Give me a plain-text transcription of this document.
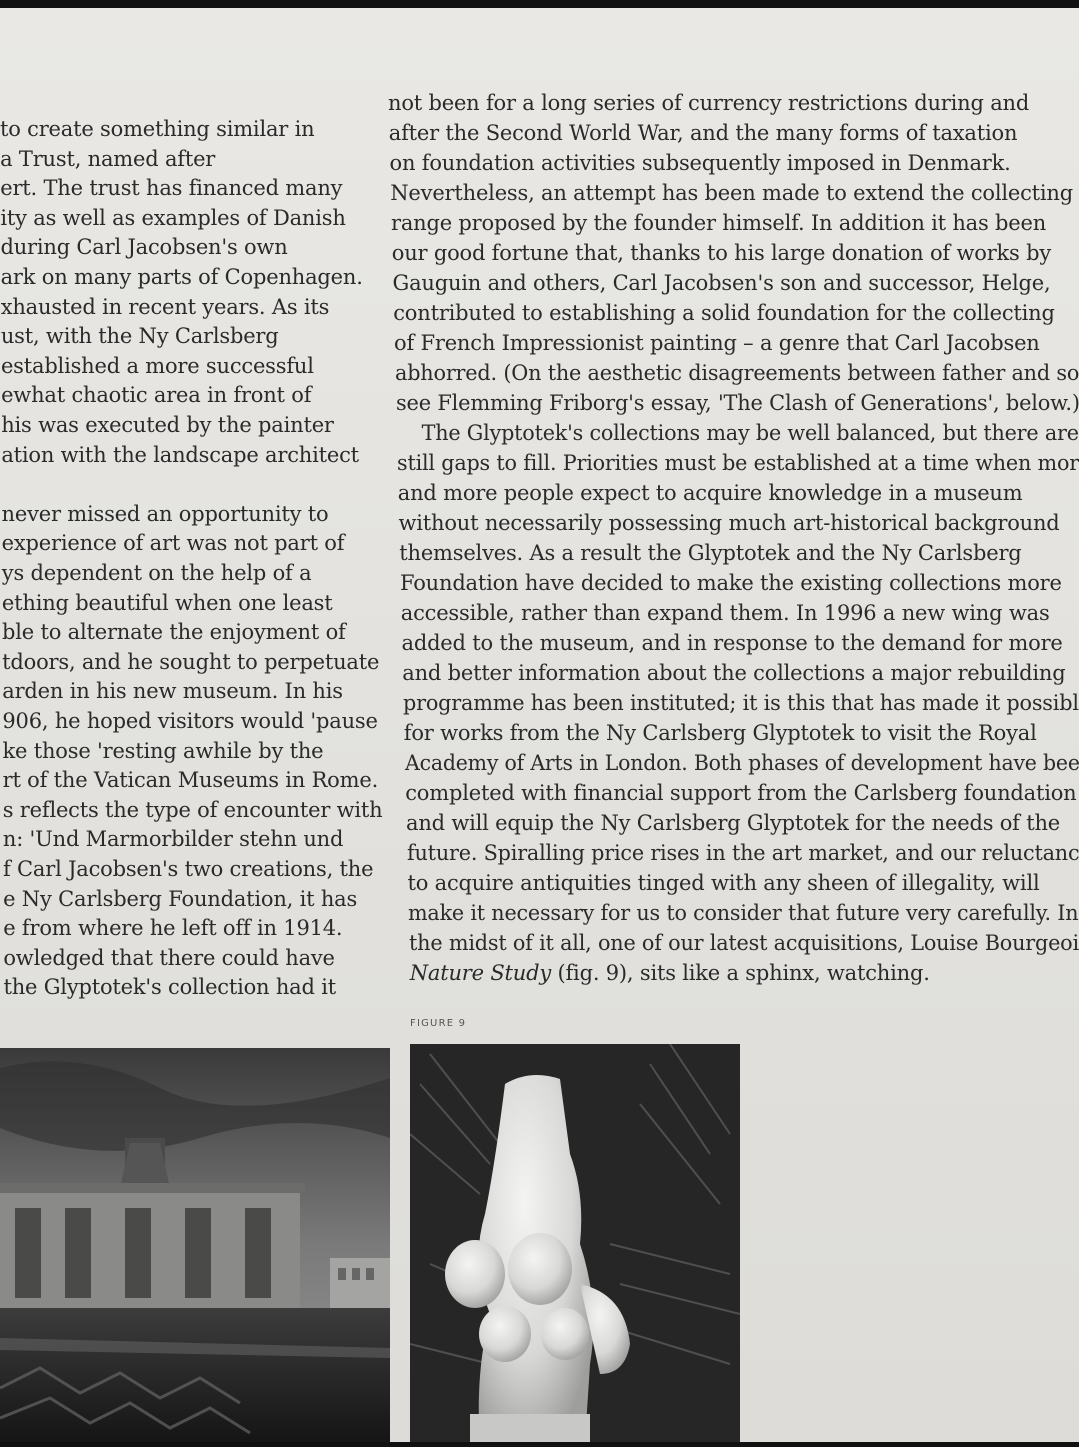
to create something similar in
a Trust, named after
ert. The trust has financed many
ity as well as examples of Danish
during Carl Jacobsen's own
ark on many parts of Copenhagen.
xhausted in recent years. As its
ust, with the Ny Carlsberg
established a more successful
ewhat chaotic area in front of
his was executed by the painter
ation with the landscape architect
never missed an opportunity to
experience of art was not part of
ys dependent on the help of a
ething beautiful when one least
ble to alternate the enjoyment of
tdoors, and he sought to perpetuate
arden in his new museum. In his
906, he hoped visitors would 'pause
ke those 'resting awhile by the
rt of the Vatican Museums in Rome.
s reflects the type of encounter with
n: 'Und Marmorbilder stehn und
f Carl Jacobsen's two creations, the
e Ny Carlsberg Foundation, it has
e from where he left off in 1914.
owledged that there could have
the Glyptotek's collection had it
not been for a long series of currency restrictions during and
after the Second World War, and the many forms of taxation
on foundation activities subsequently imposed in Denmark.
Nevertheless, an attempt has been made to extend the collecting
range proposed by the founder himself. In addition it has been
our good fortune that, thanks to his large donation of works by
Gauguin and others, Carl Jacobsen's son and successor, Helge,
contributed to establishing a solid foundation for the collecting
of French Impressionist painting – a genre that Carl Jacobsen
abhorred. (On the aesthetic disagreements between father and so
see Flemming Friborg's essay, 'The Clash of Generations', below.)
The Glyptotek's collections may be well balanced, but there are
still gaps to fill. Priorities must be established at a time when mor
and more people expect to acquire knowledge in a museum
without necessarily possessing much art-historical background
themselves. As a result the Glyptotek and the Ny Carlsberg
Foundation have decided to make the existing collections more
accessible, rather than expand them. In 1996 a new wing was
added to the museum, and in response to the demand for more
and better information about the collections a major rebuilding
programme has been instituted; it is this that has made it possibl
for works from the Ny Carlsberg Glyptotek to visit the Royal
Academy of Arts in London. Both phases of development have bee
completed with financial support from the Carlsberg foundation
and will equip the Ny Carlsberg Glyptotek for the needs of the
future. Spiralling price rises in the art market, and our reluctanc
to acquire antiquities tinged with any sheen of illegality, will
make it necessary for us to consider that future very carefully. In
the midst of it all, one of our latest acquisitions, Louise Bourgeoi
Nature Study (fig. 9), sits like a sphinx, watching.
FIGURE 9
